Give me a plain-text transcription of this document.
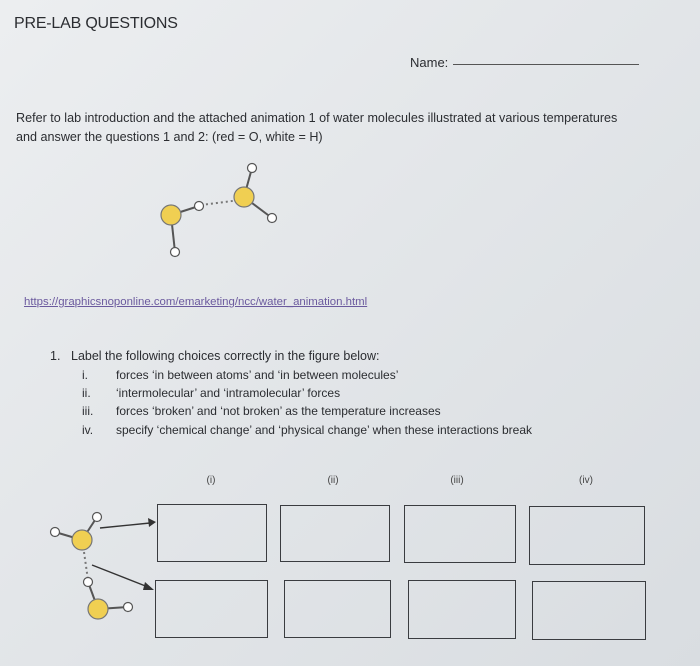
PRE-LAB QUESTIONS
Name:
Refer to lab introduction and the attached animation 1 of water molecules illustrated at various temperatures
and answer the questions 1 and 2: (red = O, white = H)
https://graphicsnoponline.com/emarketing/ncc/water_animation.html
1. Label the following choices correctly in the figure below:
i. forces ‘in between atoms’ and ‘in between molecules’
ii. ‘intermolecular’ and ‘intramolecular’ forces
iii. forces ‘broken’ and ‘not broken’ as the temperature increases
iv. specify ‘chemical change’ and ‘physical change’ when these interactions break
(i)	(ii)	(iii)	(iv)
